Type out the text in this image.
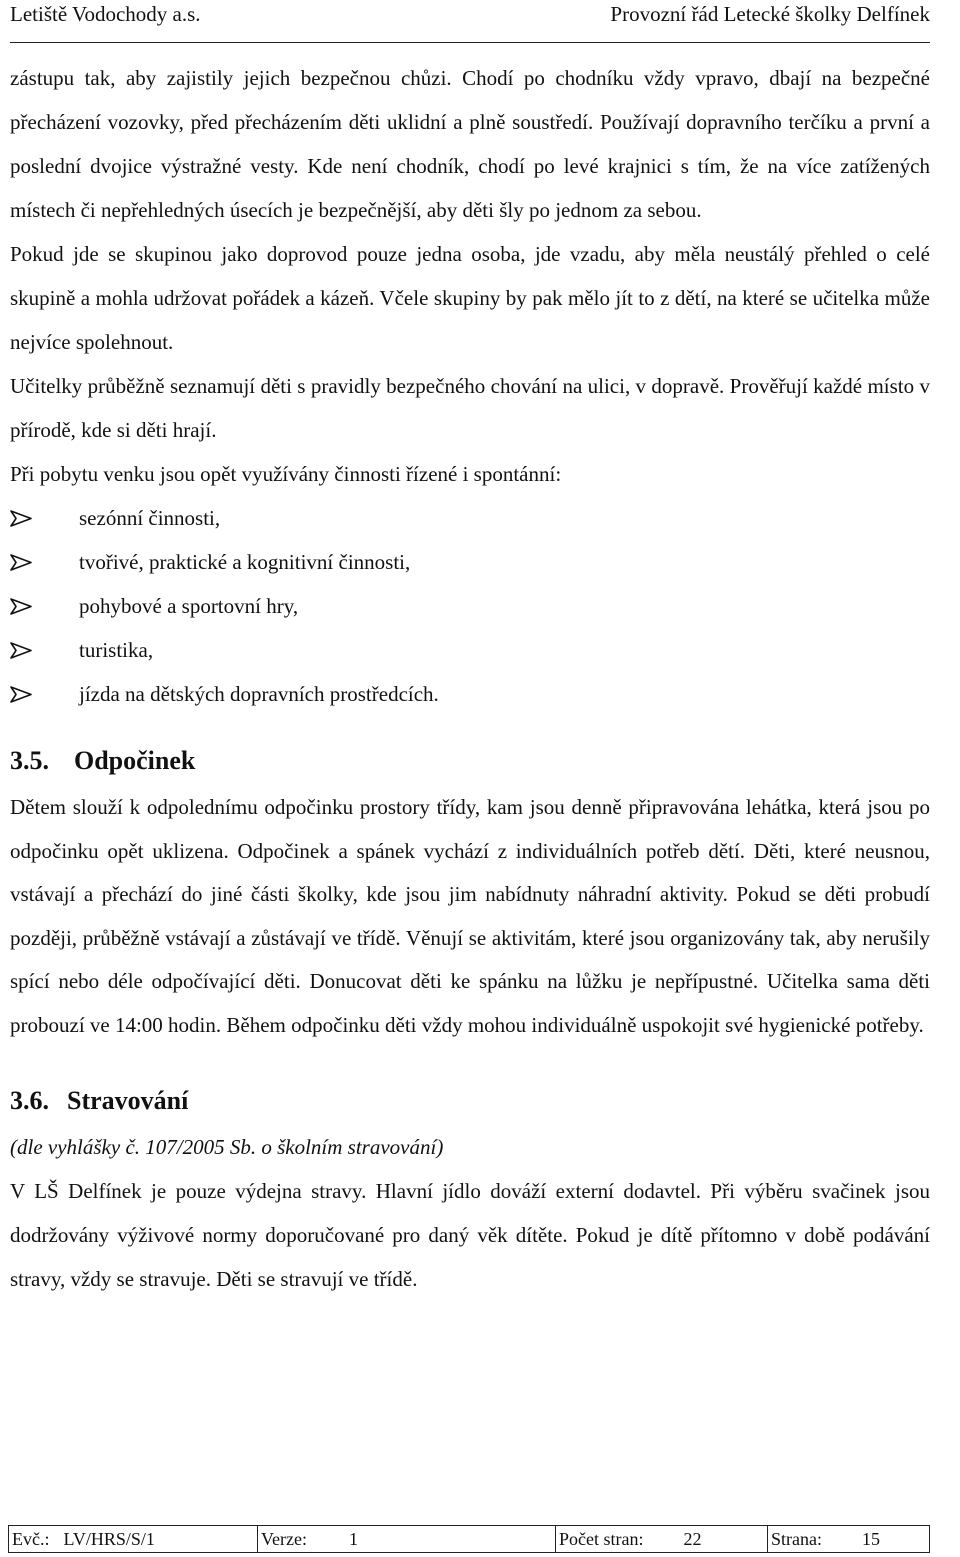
Letiště Vodochody a.s.	Provozní řád Letecké školky Delfínek

zástupu tak, aby zajistily jejich bezpečnou chůzi. Chodí po chodníku vždy vpravo, dbají na bezpečné přecházení vozovky, před přecházením děti uklidní a plně soustředí. Používají dopravního terčíku a první a poslední dvojice výstražné vesty. Kde není chodník, chodí po levé krajnici s tím, že na více zatížených místech či nepřehledných úsecích je bezpečnější, aby děti šly po jednom za sebou.

Pokud jde se skupinou jako doprovod pouze jedna osoba, jde vzadu, aby měla neustálý přehled o celé skupině a mohla udržovat pořádek a kázeň. Včele skupiny by pak mělo jít to z dětí, na které se učitelka může nejvíce spolehnout.

Učitelky průběžně seznamují děti s pravidly bezpečného chování na ulici, v dopravě. Prověřují každé místo v přírodě, kde si děti hrají.

Při pobytu venku jsou opět využívány činnosti řízené i spontánní:

sezónní činnosti,
tvořivé, praktické a kognitivní činnosti,
pohybové a sportovní hry,
turistika,
jízda na dětských dopravních prostředcích.
3.5. Odpočinek

Dětem slouží k odpolednímu odpočinku prostory třídy, kam jsou denně připravována lehátka, která jsou po odpočinku opět uklizena. Odpočinek a spánek vychází z individuálních potřeb dětí. Děti, které neusnou, vstávají a přechází do jiné části školky, kde jsou jim nabídnuty náhradní aktivity. Pokud se děti probudí později, průběžně vstávají a zůstávají ve třídě. Věnují se aktivitám, které jsou organizovány tak, aby nerušily spící nebo déle odpočívající děti. Donucovat děti ke spánku na lůžku je nepřípustné. Učitelka sama děti probouzí ve 14:00 hodin. Během odpočinku děti vždy mohou individuálně uspokojit své hygienické potřeby.

3.6. Stravování

(dle vyhlášky č. 107/2005 Sb. o školním stravování)

V LŠ Delfínek je pouze výdejna stravy. Hlavní jídlo dováží externí dodavtel. Při výběru svačinek jsou dodržovány výživové normy doporučované pro daný věk dítěte. Pokud je dítě přítomno v době podávání stravy, vždy se stravuje. Děti se stravují ve třídě.

Evč.: LV/HRS/S/1	Verze: 1	Počet stran: 22	Strana: 15
